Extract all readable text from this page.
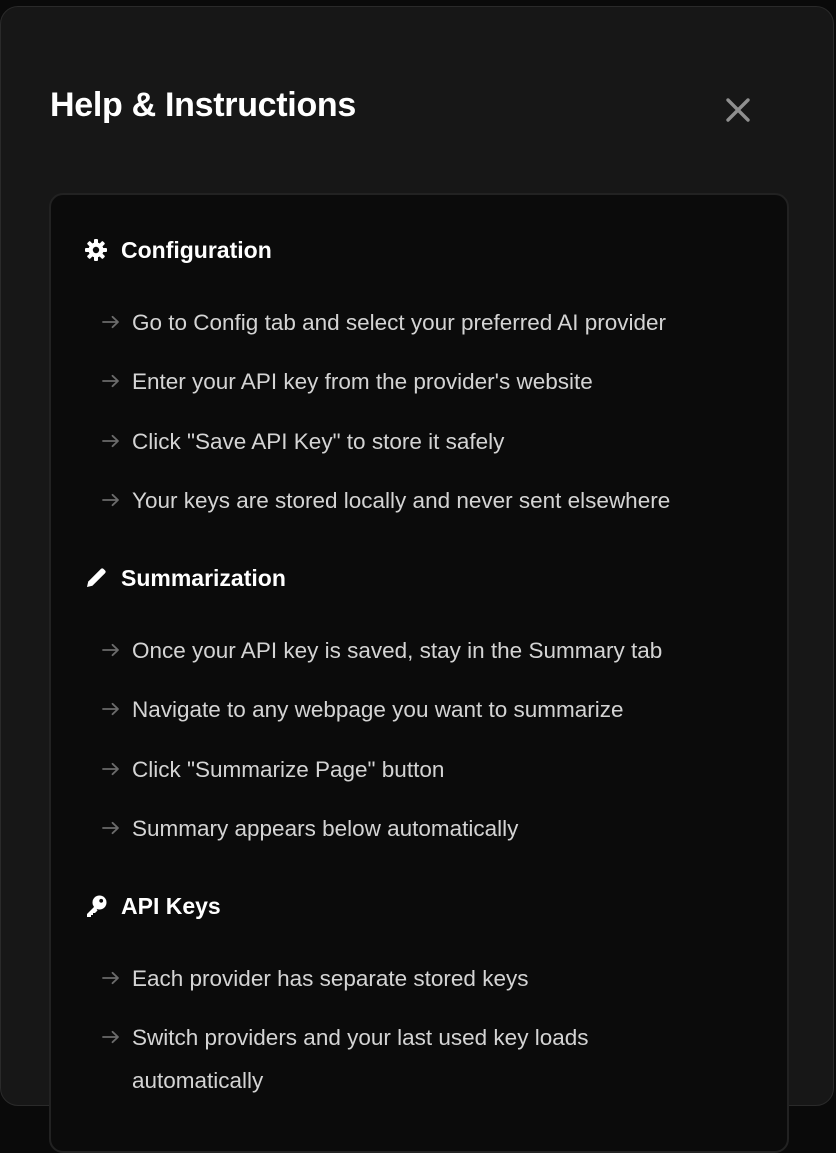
Help & Instructions
Configuration
Go to Config tab and select your preferred AI provider
Enter your API key from the provider's website
Click "Save API Key" to store it safely
Your keys are stored locally and never sent elsewhere
Summarization
Once your API key is saved, stay in the Summary tab
Navigate to any webpage you want to summarize
Click "Summarize Page" button
Summary appears below automatically
API Keys
Each provider has separate stored keys
Switch providers and your last used key loads automatically
